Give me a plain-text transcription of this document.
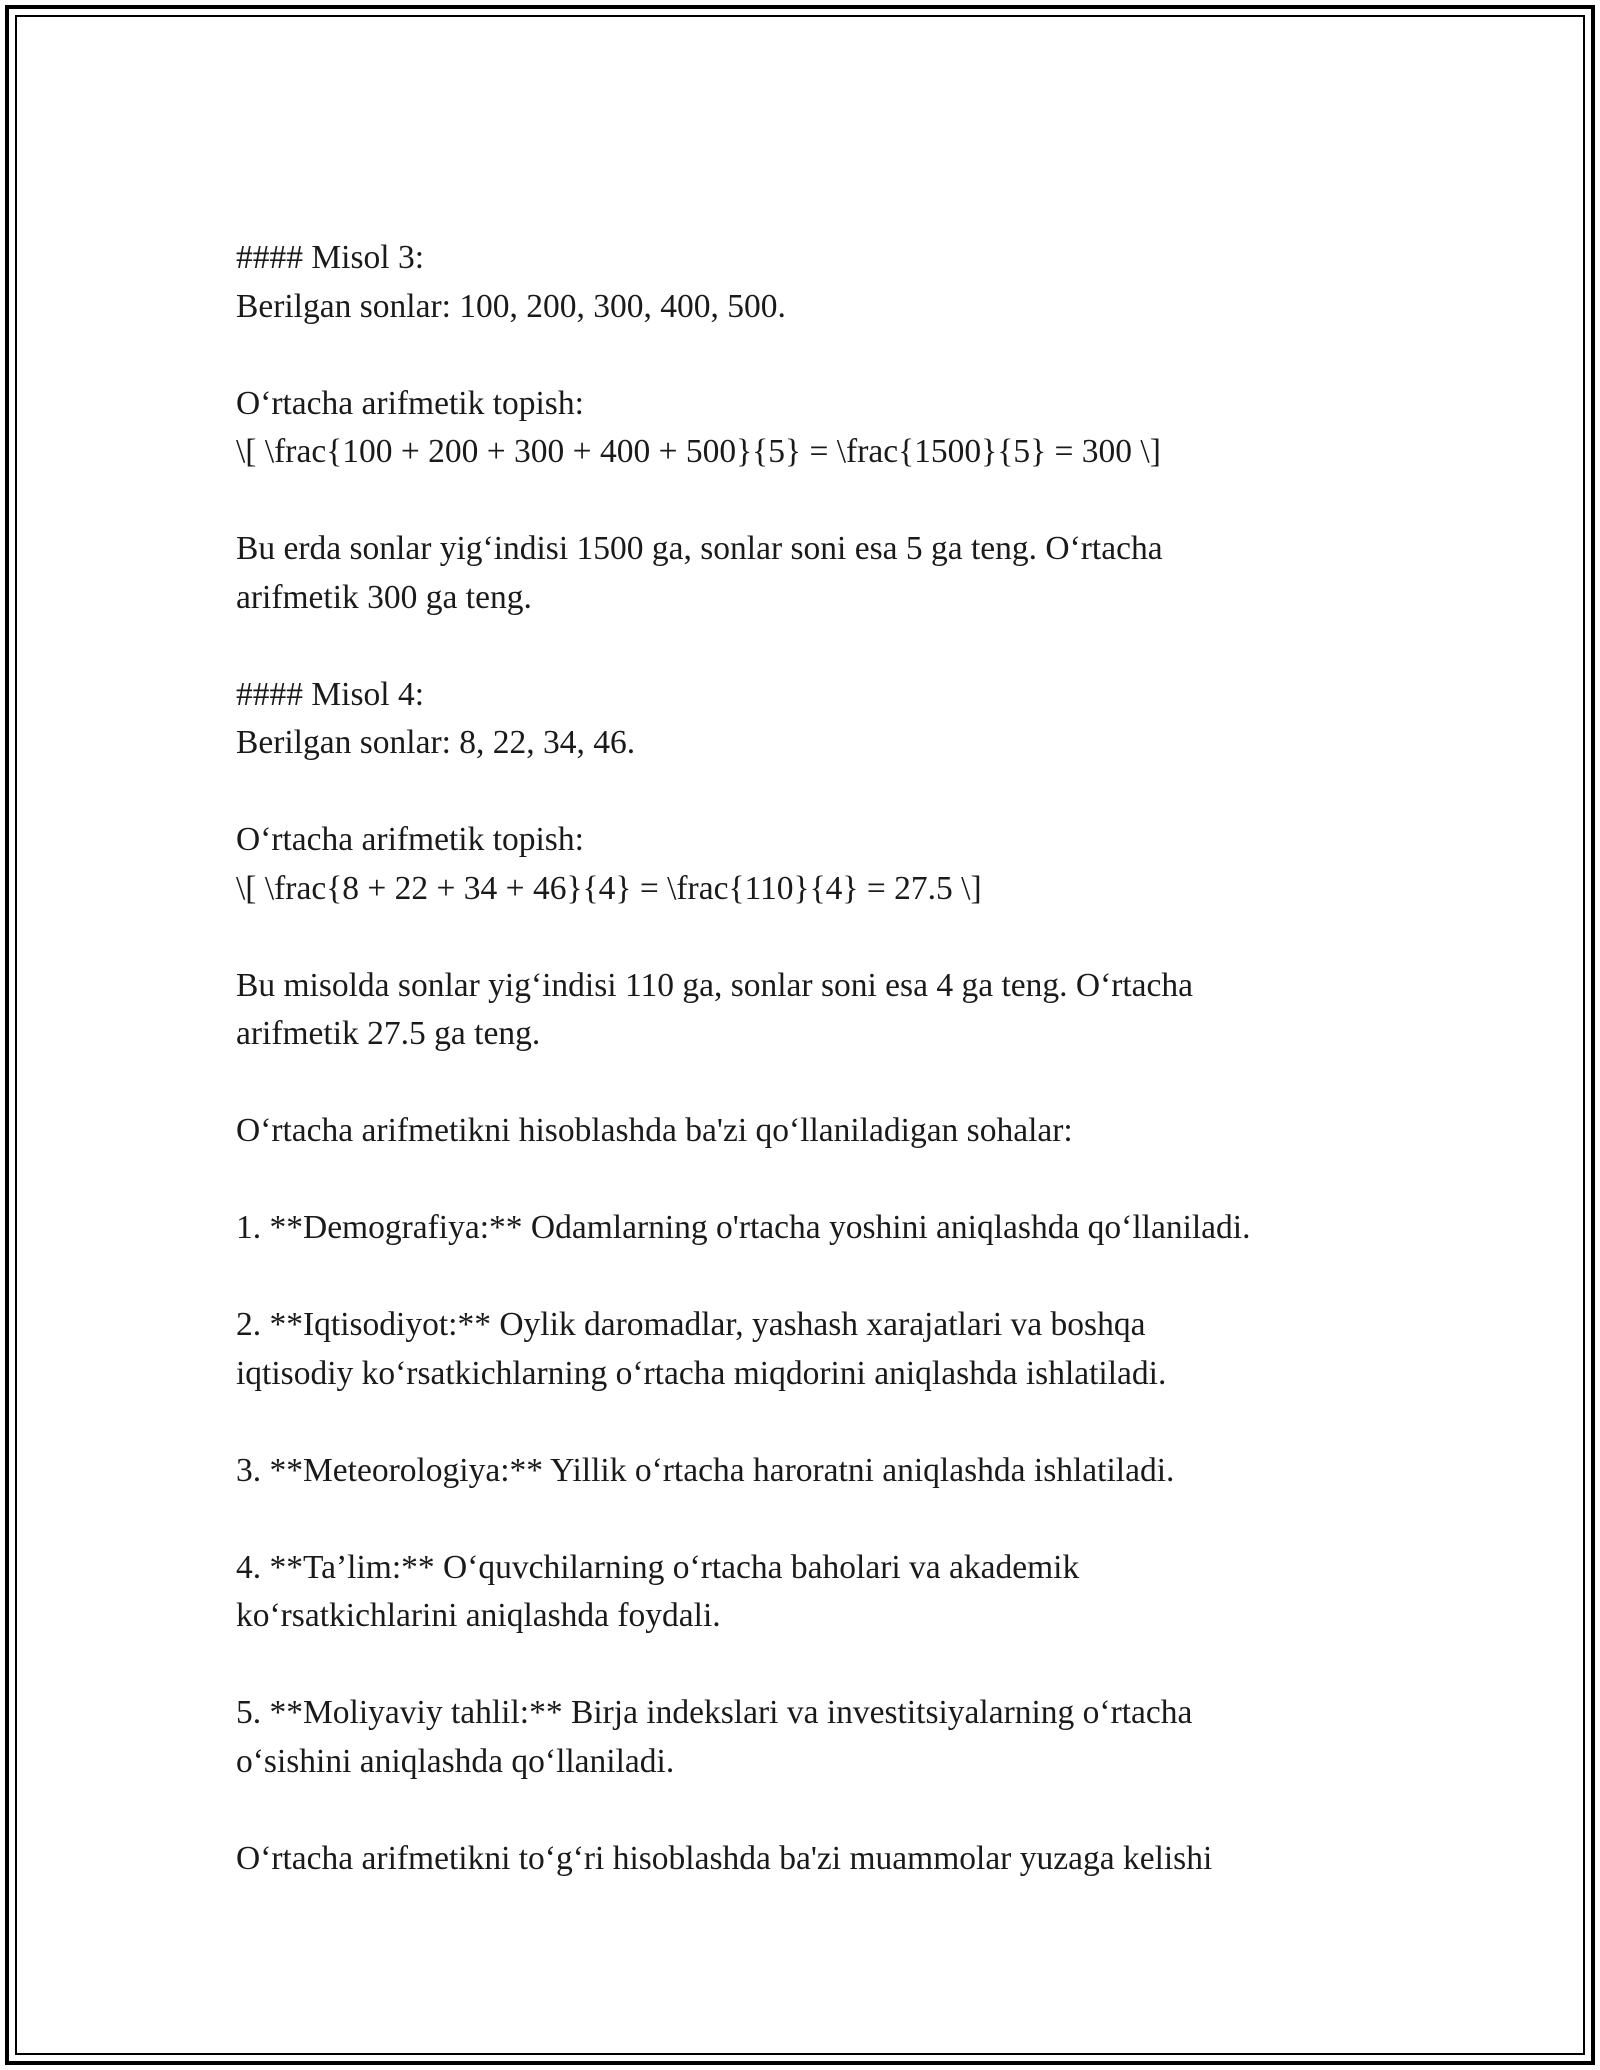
#### Misol 3:

Berilgan sonlar: 100, 200, 300, 400, 500.

O‘rtacha arifmetik topish:

\[ \frac{100 + 200 + 300 + 400 + 500}{5} = \frac{1500}{5} = 300 \]

Bu erda sonlar yig‘indisi 1500 ga, sonlar soni esa 5 ga teng. O‘rtacha

arifmetik 300 ga teng.

#### Misol 4:

Berilgan sonlar: 8, 22, 34, 46.

O‘rtacha arifmetik topish:

\[ \frac{8 + 22 + 34 + 46}{4} = \frac{110}{4} = 27.5 \]

Bu misolda sonlar yig‘indisi 110 ga, sonlar soni esa 4 ga teng. O‘rtacha

arifmetik 27.5 ga teng.

O‘rtacha arifmetikni hisoblashda ba'zi qo‘llaniladigan sohalar:

1. **Demografiya:** Odamlarning o'rtacha yoshini aniqlashda qo‘llaniladi.

2. **Iqtisodiyot:** Oylik daromadlar, yashash xarajatlari va boshqa

iqtisodiy ko‘rsatkichlarning o‘rtacha miqdorini aniqlashda ishlatiladi.

3. **Meteorologiya:** Yillik o‘rtacha haroratni aniqlashda ishlatiladi.

4. **Ta’lim:** O‘quvchilarning o‘rtacha baholari va akademik

ko‘rsatkichlarini aniqlashda foydali.

5. **Moliyaviy tahlil:** Birja indekslari va investitsiyalarning o‘rtacha

o‘sishini aniqlashda qo‘llaniladi.

O‘rtacha arifmetikni to‘g‘ri hisoblashda ba'zi muammolar yuzaga kelishi
